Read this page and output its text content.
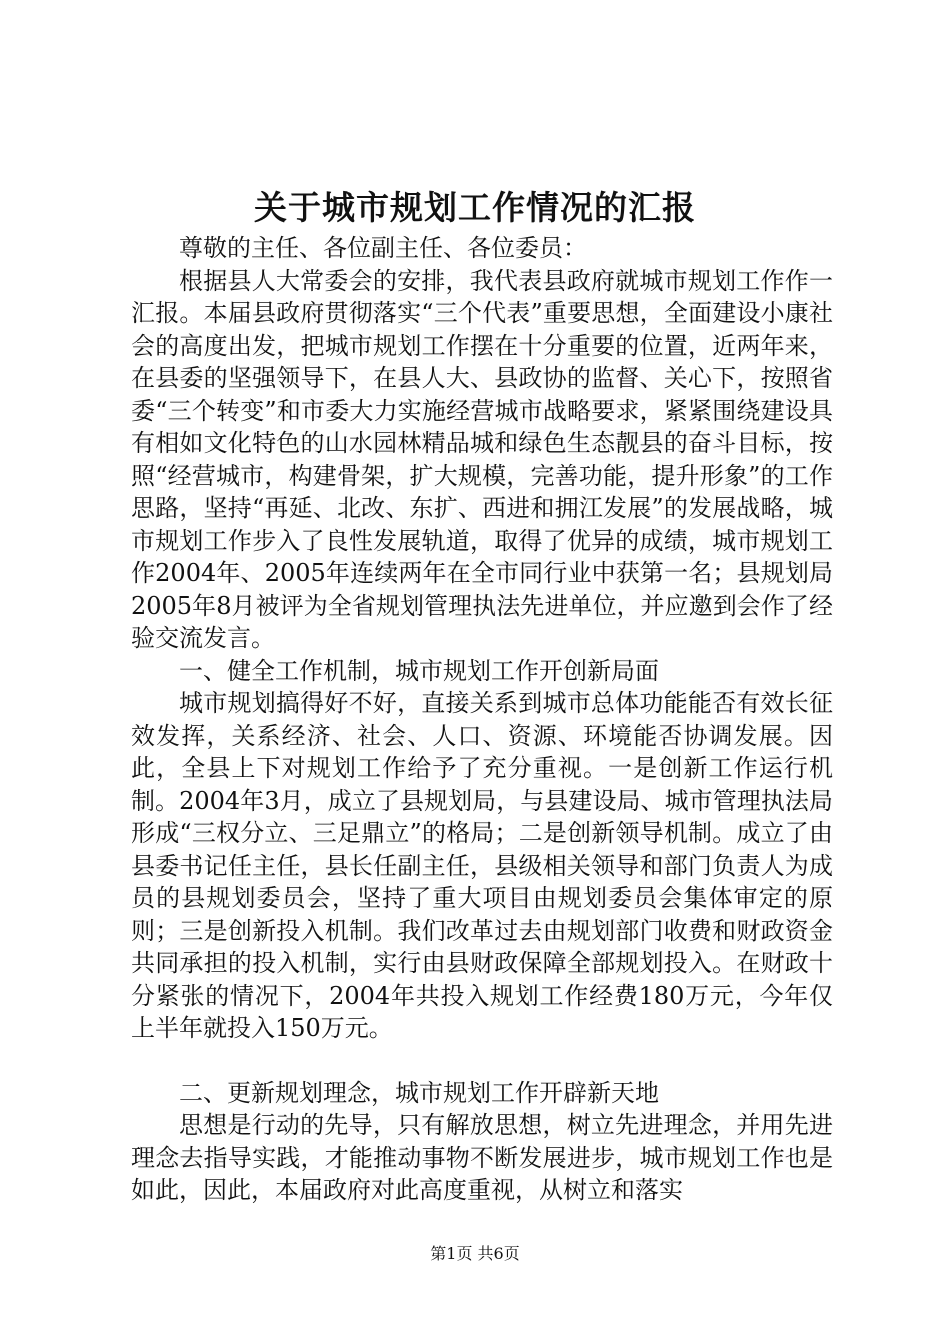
关于城市规划工作情况的汇报

尊敬的主任、各位副主任、各位委员：

根据县人大常委会的安排，我代表县政府就城市规划工作作一汇报。本届县政府贯彻落实“三个代表”重要思想，全面建设小康社会的高度出发，把城市规划工作摆在十分重要的位置，近两年来，在县委的坚强领导下，在县人大、县政协的监督、关心下，按照省委“三个转变”和市委大力实施经营城市战略要求，紧紧围绕建设具有相如文化特色的山水园林精品城和绿色生态靓县的奋斗目标，按照“经营城市，构建骨架，扩大规模，完善功能，提升形象”的工作思路，坚持“再延、北改、东扩、西进和拥江发展”的发展战略，城市规划工作步入了良性发展轨道，取得了优异的成绩，城市规划工作2004年、2005年连续两年在全市同行业中获第一名；县规划局2005年8月被评为全省规划管理执法先进单位，并应邀到会作了经验交流发言。

一、健全工作机制，城市规划工作开创新局面

城市规划搞得好不好，直接关系到城市总体功能能否有效长征效发挥，关系经济、社会、人口、资源、环境能否协调发展。因此，全县上下对规划工作给予了充分重视。一是创新工作运行机制。2004年3月，成立了县规划局，与县建设局、城市管理执法局形成“三权分立、三足鼎立”的格局；二是创新领导机制。成立了由县委书记任主任，县长任副主任，县级相关领导和部门负责人为成员的县规划委员会，坚持了重大项目由规划委员会集体审定的原则；三是创新投入机制。我们改革过去由规划部门收费和财政资金共同承担的投入机制，实行由县财政保障全部规划投入。在财政十分紧张的情况下，2004年共投入规划工作经费180万元，今年仅上半年就投入150万元。

二、更新规划理念，城市规划工作开辟新天地

思想是行动的先导，只有解放思想，树立先进理念，并用先进理念去指导实践，才能推动事物不断发展进步，城市规划工作也是如此，因此，本届政府对此高度重视，从树立和落实

第1页 共6页
